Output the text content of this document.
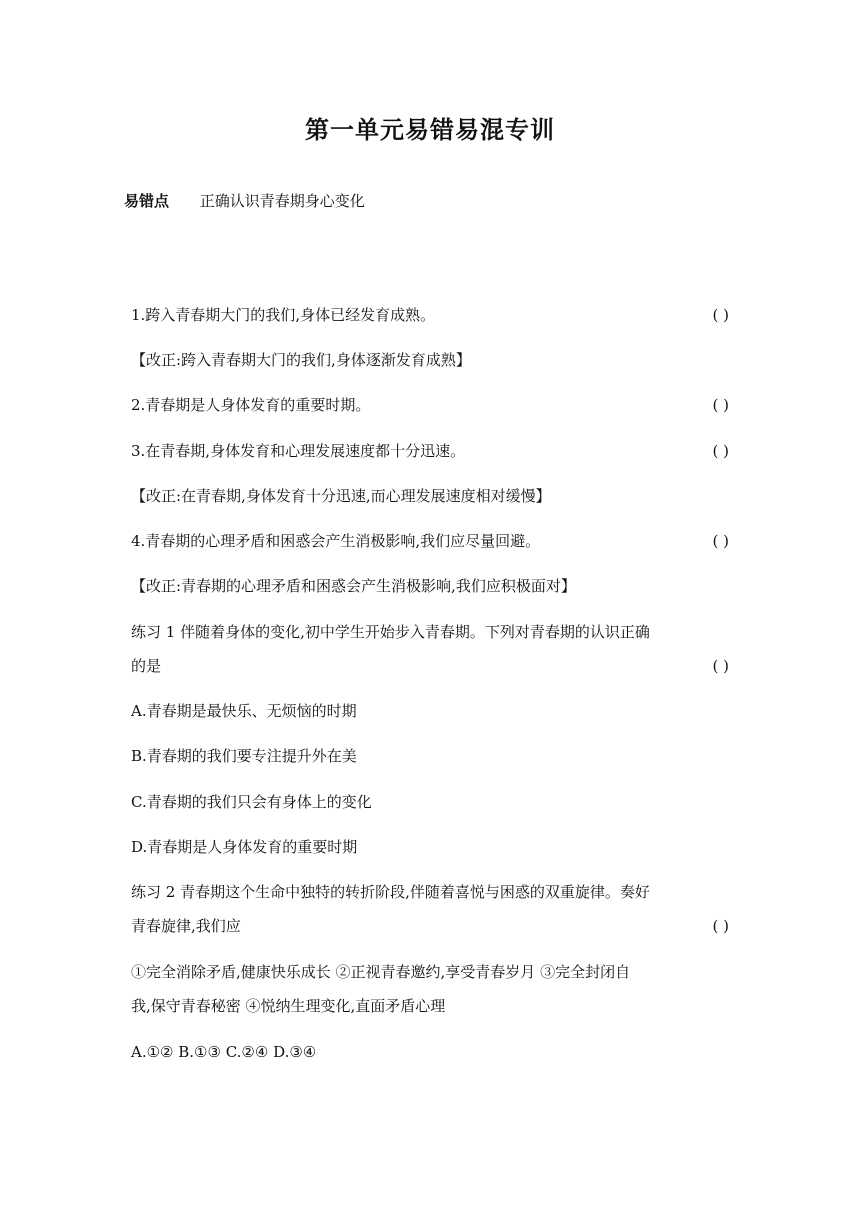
第一单元易错易混专训
易错点 正确认识青春期身心变化
1.跨入青春期大门的我们,身体已经发育成熟。	( )
【改正:跨入青春期大门的我们,身体逐渐发育成熟】
2.青春期是人身体发育的重要时期。	( )
3.在青春期,身体发育和心理发展速度都十分迅速。	( )
【改正:在青春期,身体发育十分迅速,而心理发展速度相对缓慢】
4.青春期的心理矛盾和困惑会产生消极影响,我们应尽量回避。	( )
【改正:青春期的心理矛盾和困惑会产生消极影响,我们应积极面对】
练习 1 伴随着身体的变化,初中学生开始步入青春期。下列对青春期的认识正确
的是	( )
A.青春期是最快乐、无烦恼的时期
B.青春期的我们要专注提升外在美
C.青春期的我们只会有身体上的变化
D.青春期是人身体发育的重要时期
练习 2 青春期这个生命中独特的转折阶段,伴随着喜悦与困惑的双重旋律。奏好
青春旋律,我们应	( )
①完全消除矛盾,健康快乐成长 ②正视青春邀约,享受青春岁月 ③完全封闭自
我,保守青春秘密 ④悦纳生理变化,直面矛盾心理
A.①② B.①③ C.②④ D.③④
